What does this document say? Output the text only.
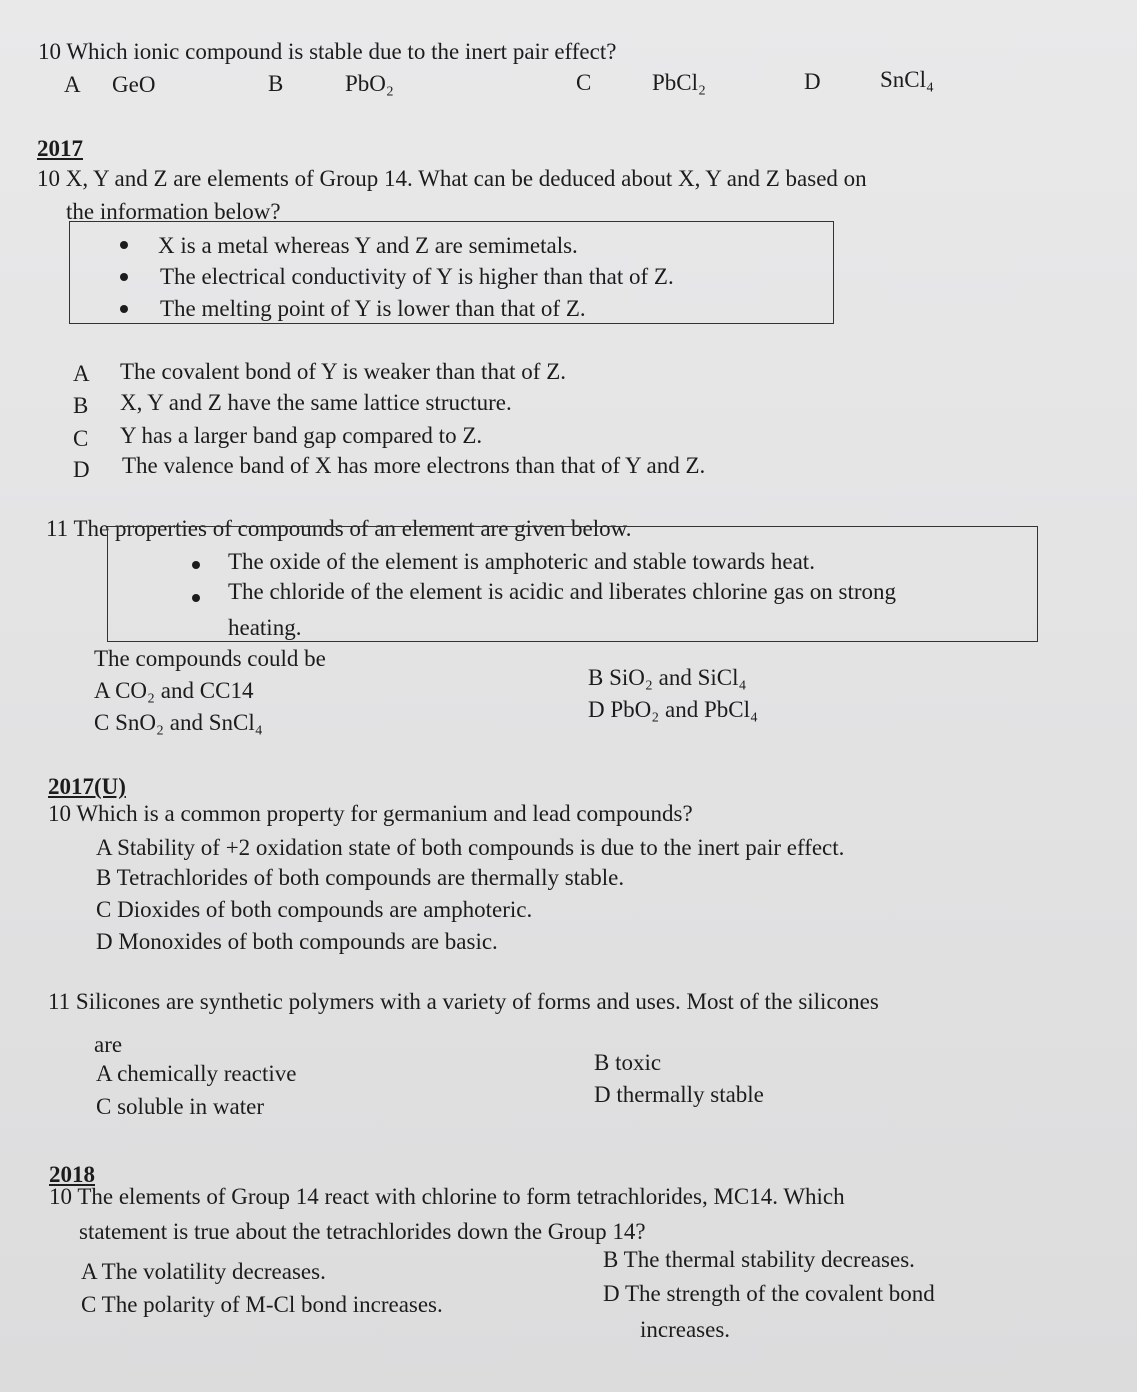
10 Which ionic compound is stable due to the inert pair effect?
A GeO	B	PbO₂	C	PbCl₂	D	SnCl₄
2017
10 X, Y and Z are elements of Group 14. What can be deduced about X, Y and Z based on
the information below?
X is a metal whereas Y and Z are semimetals.
The electrical conductivity of Y is higher than that of Z.
The melting point of Y is lower than that of Z.
A The covalent bond of Y is weaker than that of Z.
B X, Y and Z have the same lattice structure.
C Y has a larger band gap compared to Z.
D The valence band of X has more electrons than that of Y and Z.
11 The properties of compounds of an element are given below.
The oxide of the element is amphoteric and stable towards heat.
The chloride of the element is acidic and liberates chlorine gas on strong
heating.
The compounds could be
A CO₂ and CC14
B SiO₂ and SiCl₄
C SnO₂ and SnCl₄
D PbO₂ and PbCl₄
2017(U)
10 Which is a common property for germanium and lead compounds?
A Stability of +2 oxidation state of both compounds is due to the inert pair effect.
B Tetrachlorides of both compounds are thermally stable.
C Dioxides of both compounds are amphoteric.
D Monoxides of both compounds are basic.
11 Silicones are synthetic polymers with a variety of forms and uses. Most of the silicones
are
A chemically reactive	B toxic
C soluble in water	D thermally stable
2018
10 The elements of Group 14 react with chlorine to form tetrachlorides, MC14. Which
statement is true about the tetrachlorides down the Group 14?
A The volatility decreases.	B The thermal stability decreases.
C The polarity of M-Cl bond increases.	D The strength of the covalent bond
increases.
